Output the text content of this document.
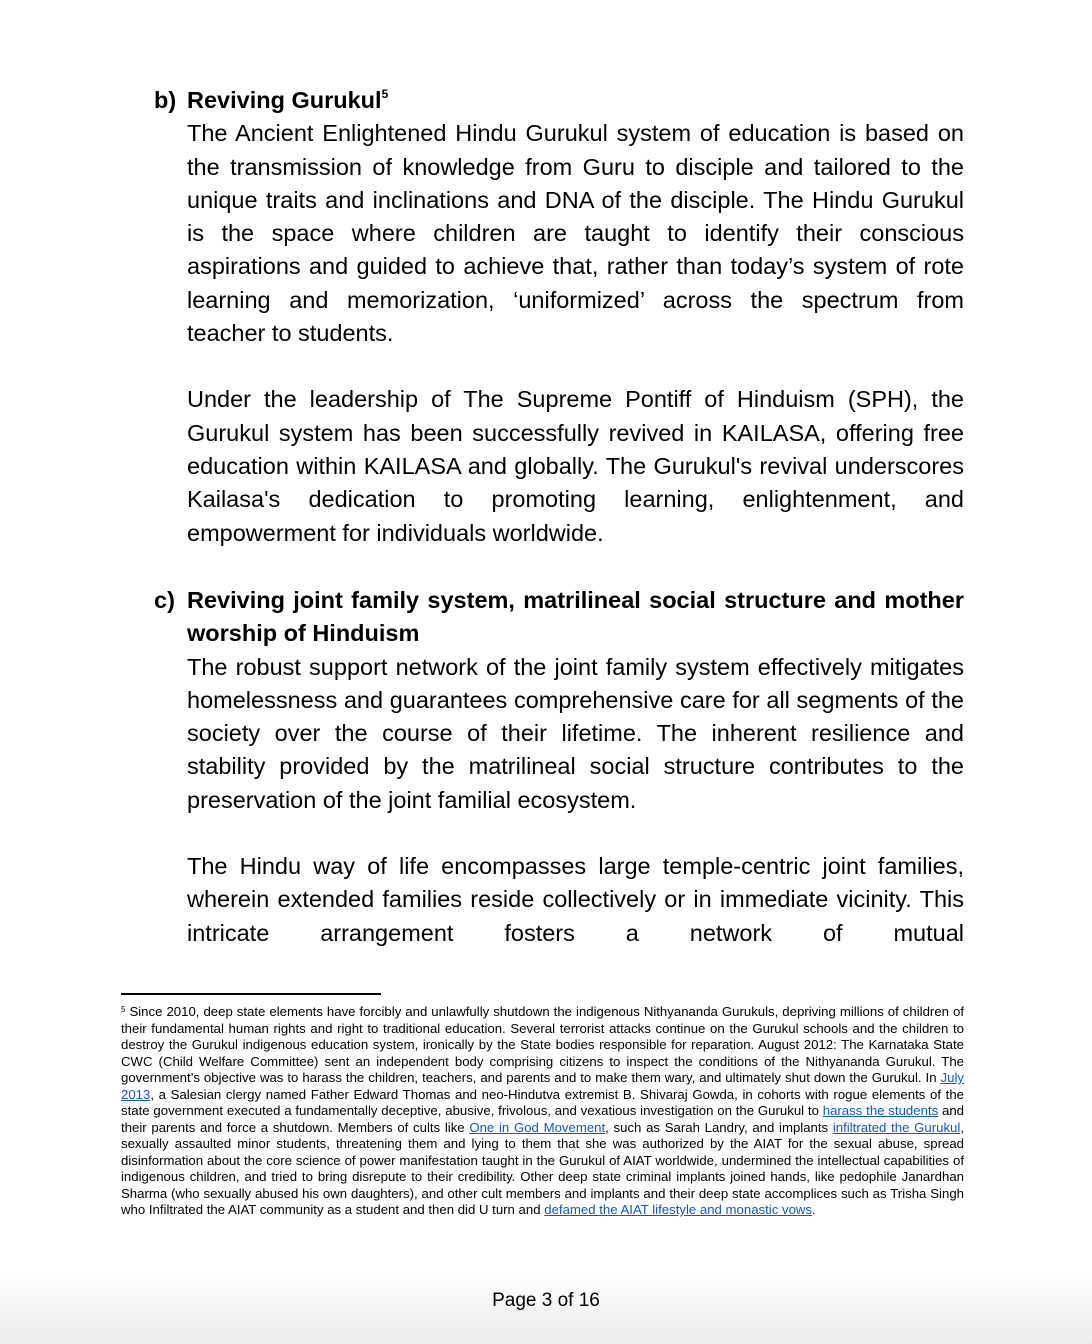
b) Reviving Gurukul$^5$
The Ancient Enlightened Hindu Gurukul system of education is based on the transmission of knowledge from Guru to disciple and tailored to the unique traits and inclinations and DNA of the disciple. The Hindu Gurukul is the space where children are taught to identify their conscious aspirations and guided to achieve that, rather than today’s system of rote learning and memorization, ‘uniformized’ across the spectrum from teacher to students.
Under the leadership of The Supreme Pontiff of Hinduism (SPH), the Gurukul system has been successfully revived in KAILASA, offering free education within KAILASA and globally. The Gurukul's revival underscores Kailasa's dedication to promoting learning, enlightenment, and empowerment for individuals worldwide.
c) Reviving joint family system, matrilineal social structure and mother worship of Hinduism
The robust support network of the joint family system effectively mitigates homelessness and guarantees comprehensive care for all segments of the society over the course of their lifetime. The inherent resilience and stability provided by the matrilineal social structure contributes to the preservation of the joint familial ecosystem.
The Hindu way of life encompasses large temple-centric joint families, wherein extended families reside collectively or in immediate vicinity. This intricate arrangement fosters a network of mutual
$^5$ Since 2010, deep state elements have forcibly and unlawfully shutdown the indigenous Nithyananda Gurukuls, depriving millions of children of their fundamental human rights and right to traditional education. Several terrorist attacks continue on the Gurukul schools and the children to destroy the Gurukul indigenous education system, ironically by the State bodies responsible for reparation. August 2012: The Karnataka State CWC (Child Welfare Committee) sent an independent body comprising citizens to inspect the conditions of the Nithyananda Gurukul. The government’s objective was to harass the children, teachers, and parents and to make them wary, and ultimately shut down the Gurukul. In July 2013, a Salesian clergy named Father Edward Thomas and neo-Hindutva extremist B. Shivaraj Gowda, in cohorts with rogue elements of the state government executed a fundamentally deceptive, abusive, frivolous, and vexatious investigation on the Gurukul to harass the students and their parents and force a shutdown. Members of cults like One in God Movement, such as Sarah Landry, and implants infiltrated the Gurukul, sexually assaulted minor students, threatening them and lying to them that she was authorized by the AIAT for the sexual abuse, spread disinformation about the core science of power manifestation taught in the Gurukul of AIAT worldwide, undermined the intellectual capabilities of indigenous children, and tried to bring disrepute to their credibility. Other deep state criminal implants joined hands, like pedophile Janardhan Sharma (who sexually abused his own daughters), and other cult members and implants and their deep state accomplices such as Trisha Singh who Infiltrated the AIAT community as a student and then did U turn and defamed the AIAT lifestyle and monastic vows.
Page 3 of 16
